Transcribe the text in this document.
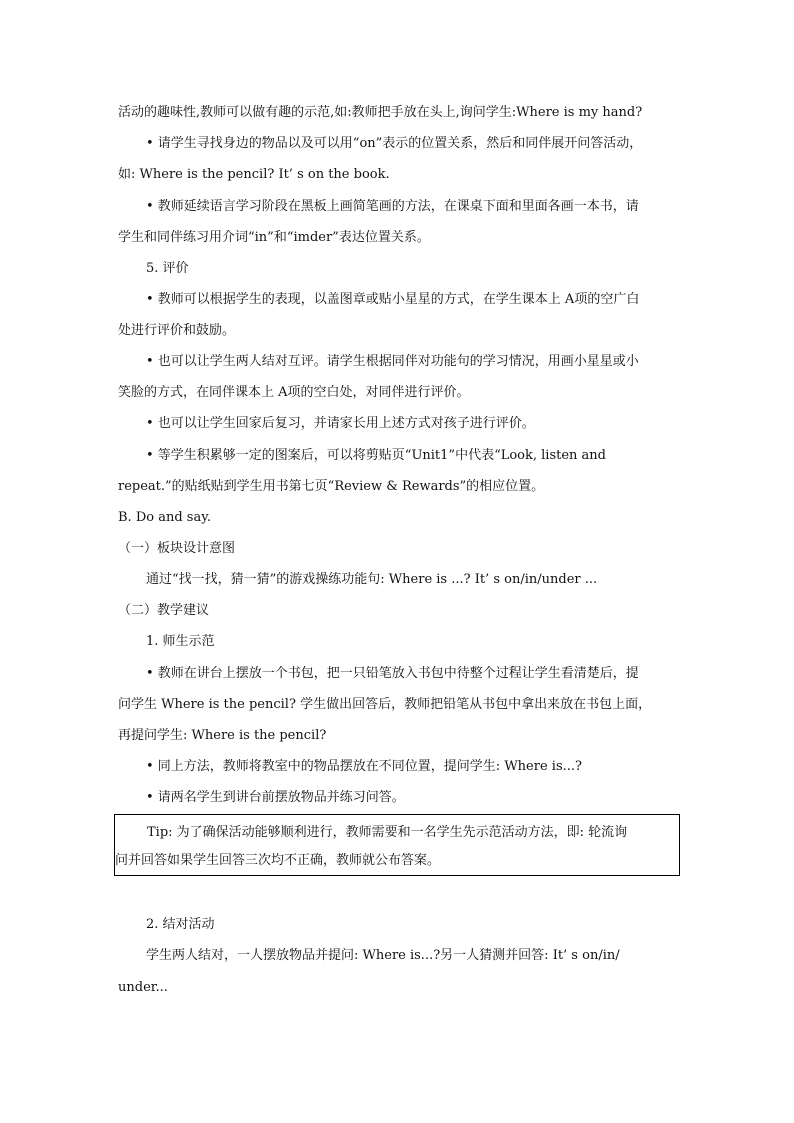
活动的趣味性,教师可以做有趣的示范,如:教师把手放在头上,询问学生:Where is my hand?
• 请学生寻找身边的物品以及可以用“on”表示的位置关系，然后和同伴展开问答活动，
如: Where is the pencil? It’ s on the book.
• 教师延续语言学习阶段在黑板上画简笔画的方法，在课桌下面和里面各画一本书，请
学生和同伴练习用介词“in”和“imder”表达位置关系。
5. 评价
• 教师可以根据学生的表现，以盖图章或贴小星星的方式，在学生课本上 A项的空广白
处进行评价和鼓励。
• 也可以让学生两人结对互评。请学生根据同伴对功能句的学习情况，用画小星星或小
笑脸的方式，在同伴课本上 A项的空白处，对同伴进行评价。
• 也可以让学生回家后复习，并请家长用上述方式对孩子进行评价。
• 等学生积累够一定的图案后，可以将剪贴页“Unit1”中代表“Look, listen and
repeat.”的贴纸贴到学生用书第七页“Review & Rewards”的相应位置。
B. Do and say.
（一）板块设计意图
通过“找一找，猜一猜”的游戏操练功能句: Where is ...? It’ s on/in/under ...
（二）教学建议
1. 师生示范
• 教师在讲台上摆放一个书包，把一只铅笔放入书包中待整个过程让学生看清楚后，提
问学生 Where is the pencil? 学生做出回答后，教师把铅笔从书包中拿出来放在书包上面，
再提问学生: Where is the pencil?
• 同上方法，教师将教室中的物品摆放在不同位置，提问学生: Where is...?
• 请两名学生到讲台前摆放物品并练习问答。
Tip: 为了确保活动能够顺利进行，教师需要和一名学生先示范活动方法，即: 轮流询
问并回答如果学生回答三次均不正确，教师就公布答案。
2. 结对活动
学生两人结对，一人摆放物品并提问: Where is...?另一人猜测并回答: It’ s on/in/
under...
